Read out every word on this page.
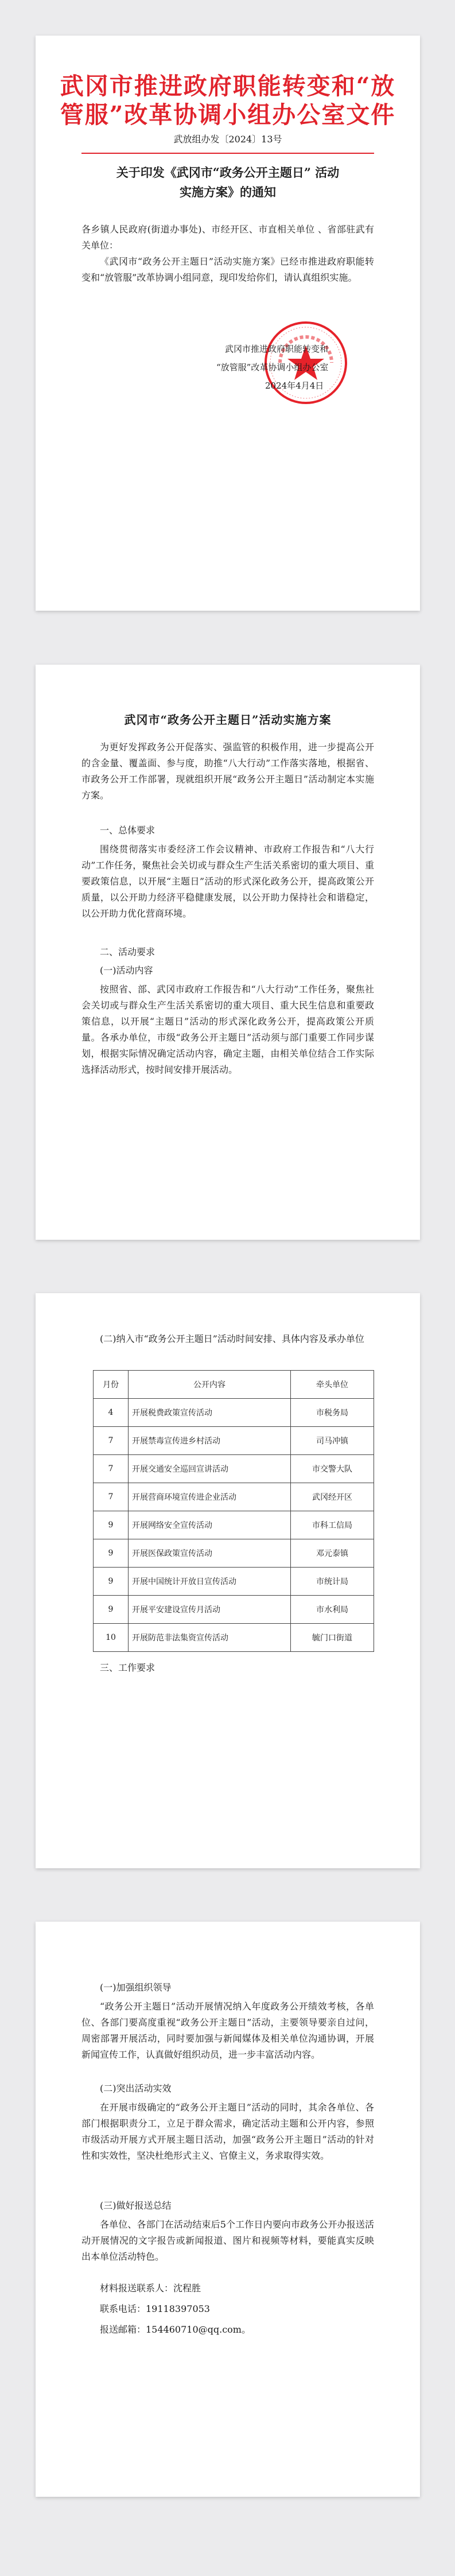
武冈市推进政府职能转变和“放
管服”改革协调小组办公室文件
武放组办发〔2024〕13号
关于印发《武冈市“政务公开主题日” 活动
实施方案》的通知
各乡镇人民政府(街道办事处)、市经开区、市直相关单位 、省部驻武有关单位：
《武冈市“政务公开主题日”活动实施方案》已经市推进政府职能转变和“放管服”改革协调小组同意，现印发给你们，请认真组织实施。
武冈市推进政府职能转变和
“放管服”改革协调小组办公室
2024年4月4日
武冈市“政务公开主题日”活动实施方案
为更好发挥政务公开促落实、强监管的积极作用，进一步提高公开的含金量、覆盖面、参与度，助推“八大行动”工作落实落地，根据省、市政务公开工作部署，现就组织开展“政务公开主题日”活动制定本实施方案。
一、总体要求
围绕贯彻落实市委经济工作会议精神、市政府工作报告和“八大行动”工作任务，聚焦社会关切或与群众生产生活关系密切的重大项目、重要政策信息，以开展“主题日”活动的形式深化政务公开，提高政策公开质量，以公开助力经济平稳健康发展，以公开助力保持社会和谐稳定，以公开助力优化营商环境。
二、活动要求
(一)活动内容
按照省、部、武冈市政府工作报告和“八大行动”工作任务，聚焦社会关切或与群众生产生活关系密切的重大项目、重大民生信息和重要政策信息，以开展“主题日”活动的形式深化政务公开，提高政策公开质量。各承办单位，市级“政务公开主题日”活动须与部门重要工作同步谋划，根据实际情况确定活动内容，确定主题，由相关单位结合工作实际选择活动形式，按时间安排开展活动。
(二)纳入市“政务公开主题日”活动时间安排、具体内容及承办单位
月份	公开内容	牵头单位
4	开展税费政策宣传活动	市税务局
7	开展禁毒宣传进乡村活动	司马冲镇
7	开展交通安全巡回宣讲活动	市交警大队
7	开展营商环境宣传进企业活动	武冈经开区
9	开展网络安全宣传活动	市科工信局
9	开展医保政策宣传活动	邓元泰镇
9	开展中国统计开放日宣传活动	市统计局
9	开展平安建设宣传月活动	市水利局
10	开展防范非法集资宣传活动	毓门口街道
三、工作要求
(一)加强组织领导
“政务公开主题日”活动开展情况纳入年度政务公开绩效考核，各单位、各部门要高度重视“政务公开主题日”活动，主要领导要亲自过问，周密部署开展活动，同时要加强与新闻媒体及相关单位沟通协调，开展新闻宣传工作，认真做好组织动员，进一步丰富活动内容。
(二)突出活动实效
在开展市级确定的“政务公开主题日”活动的同时，其余各单位、各部门根据职责分工，立足于群众需求，确定活动主题和公开内容，参照市级活动开展方式开展主题日活动，加强“政务公开主题日”活动的针对性和实效性，坚决杜绝形式主义、官僚主义，务求取得实效。
(三)做好报送总结
各单位、各部门在活动结束后5个工作日内要向市政务公开办报送活动开展情况的文字报告或新闻报道、图片和视频等材料，要能真实反映出本单位活动特色。
材料报送联系人：沈程胜
联系电话：19118397053
报送邮箱：154460710@qq.com。
